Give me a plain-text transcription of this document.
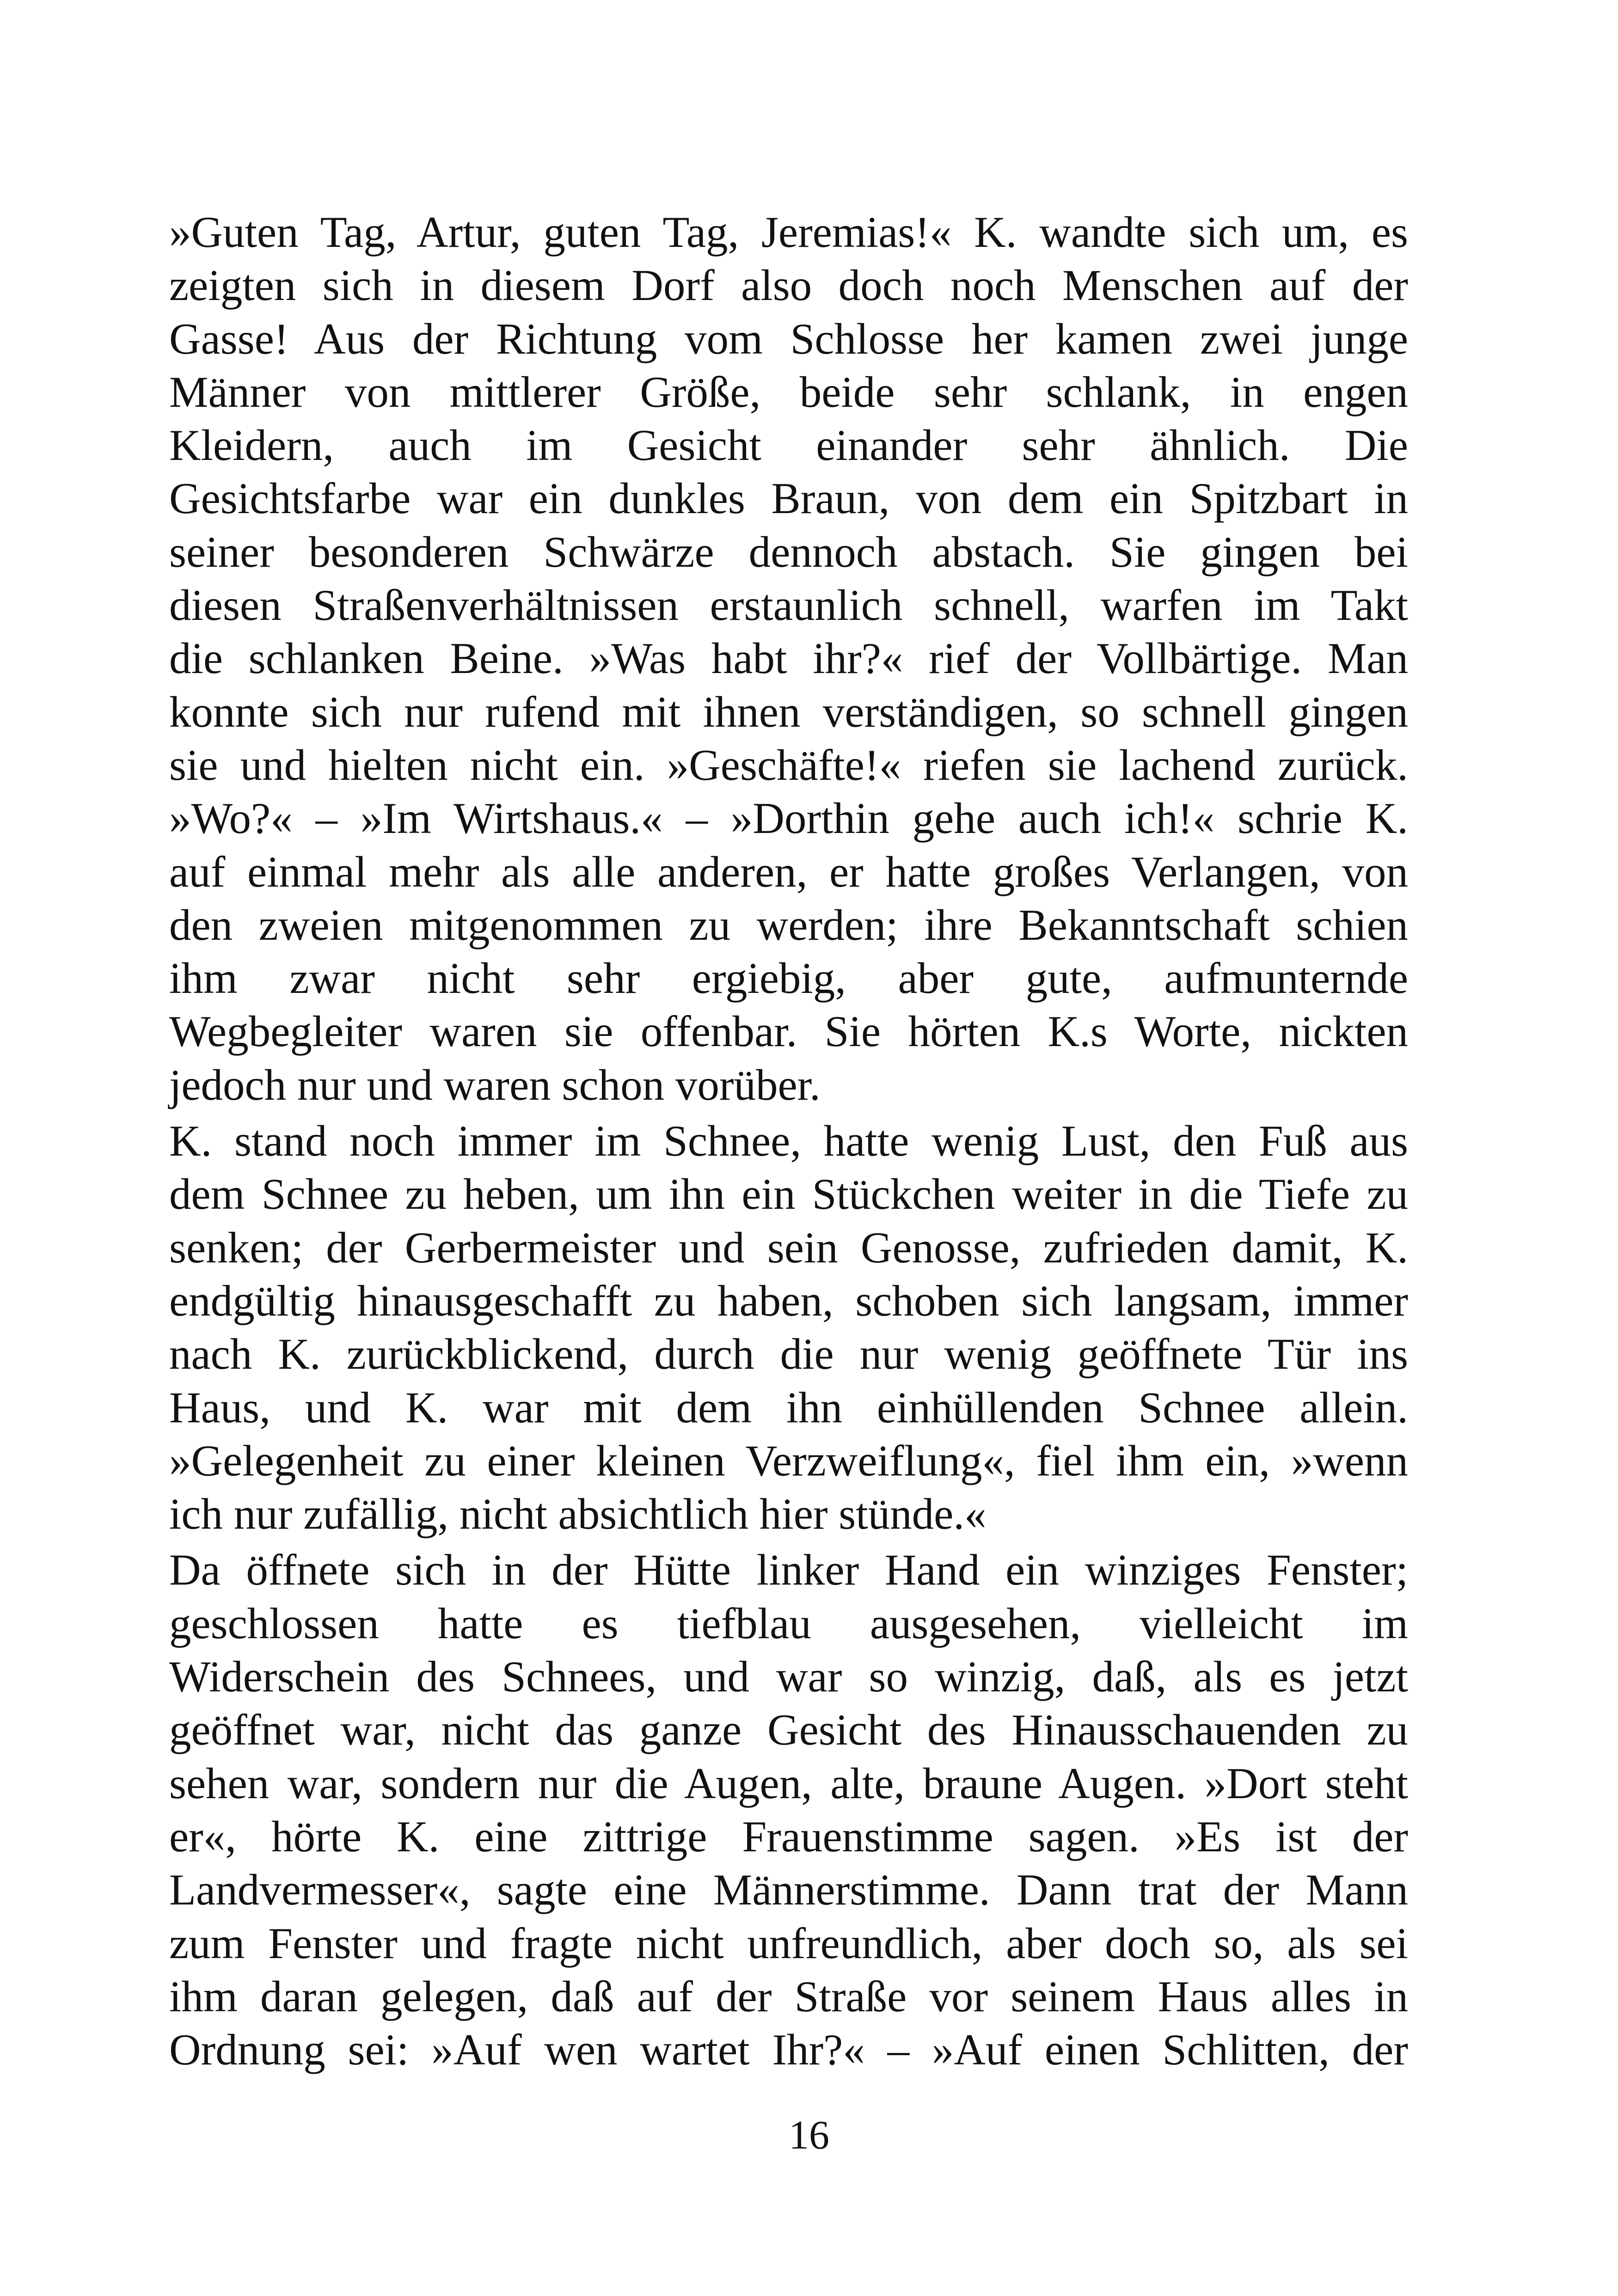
»Guten Tag, Artur, guten Tag, Jeremias!« K. wandte sich um, es
zeigten sich in diesem Dorf also doch noch Menschen auf der
Gasse! Aus der Richtung vom Schlosse her kamen zwei junge
Männer von mittlerer Größe, beide sehr schlank, in engen
Kleidern, auch im Gesicht einander sehr ähnlich. Die
Gesichtsfarbe war ein dunkles Braun, von dem ein Spitzbart in
seiner besonderen Schwärze dennoch abstach. Sie gingen bei
diesen Straßenverhältnissen erstaunlich schnell, warfen im Takt
die schlanken Beine. »Was habt ihr?« rief der Vollbärtige. Man
konnte sich nur rufend mit ihnen verständigen, so schnell gingen
sie und hielten nicht ein. »Geschäfte!« riefen sie lachend zurück.
»Wo?« – »Im Wirtshaus.« – »Dorthin gehe auch ich!« schrie K.
auf einmal mehr als alle anderen, er hatte großes Verlangen, von
den zweien mitgenommen zu werden; ihre Bekanntschaft schien
ihm zwar nicht sehr ergiebig, aber gute, aufmunternde
Wegbegleiter waren sie offenbar. Sie hörten K.s Worte, nickten
jedoch nur und waren schon vorüber.
K. stand noch immer im Schnee, hatte wenig Lust, den Fuß aus
dem Schnee zu heben, um ihn ein Stückchen weiter in die Tiefe zu
senken; der Gerbermeister und sein Genosse, zufrieden damit, K.
endgültig hinausgeschafft zu haben, schoben sich langsam, immer
nach K. zurückblickend, durch die nur wenig geöffnete Tür ins
Haus, und K. war mit dem ihn einhüllenden Schnee allein.
»Gelegenheit zu einer kleinen Verzweiflung«, fiel ihm ein, »wenn
ich nur zufällig, nicht absichtlich hier stünde.«
Da öffnete sich in der Hütte linker Hand ein winziges Fenster;
geschlossen hatte es tiefblau ausgesehen, vielleicht im
Widerschein des Schnees, und war so winzig, daß, als es jetzt
geöffnet war, nicht das ganze Gesicht des Hinausschauenden zu
sehen war, sondern nur die Augen, alte, braune Augen. »Dort steht
er«, hörte K. eine zittrige Frauenstimme sagen. »Es ist der
Landvermesser«, sagte eine Männerstimme. Dann trat der Mann
zum Fenster und fragte nicht unfreundlich, aber doch so, als sei
ihm daran gelegen, daß auf der Straße vor seinem Haus alles in
Ordnung sei: »Auf wen wartet Ihr?« – »Auf einen Schlitten, der
16
